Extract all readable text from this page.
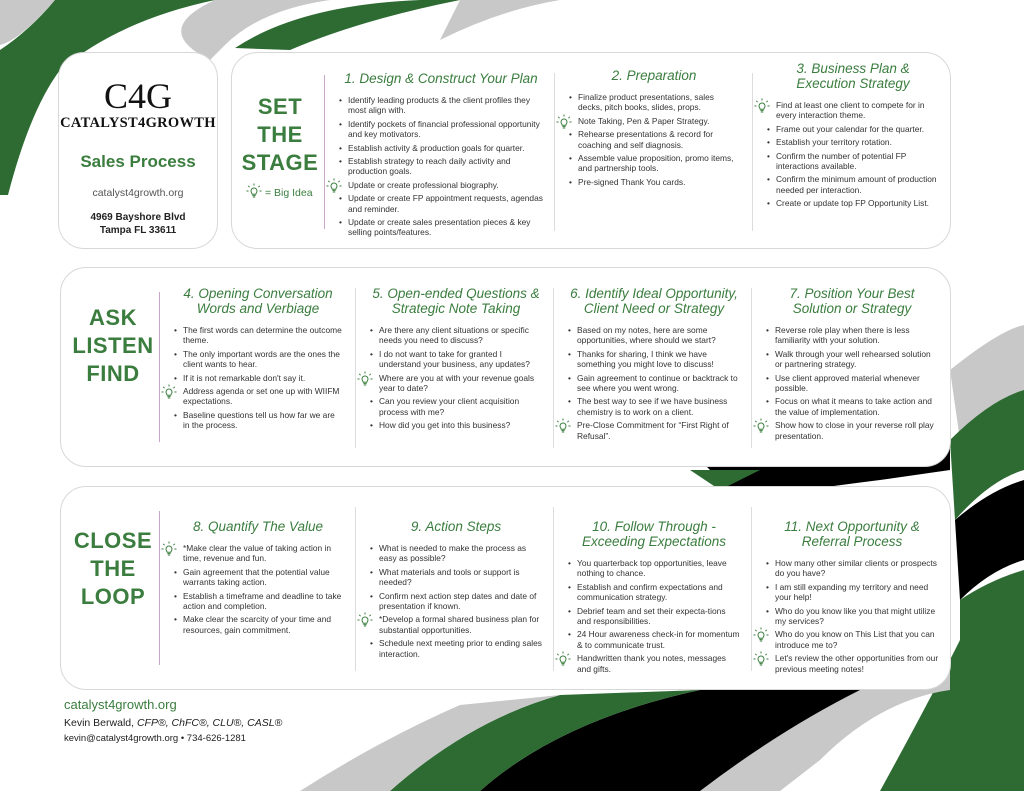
C4G
CATALYST4GROWTH
Sales Process
catalyst4growth.org
4969 Bayshore Blvd
Tampa FL 33611
SET
THE
STAGE
= Big Idea
1. Design & Construct Your Plan
• Identify leading products & the client profiles they most align with.
• Identify pockets of financial professional opportunity and key motivators.
• Establish activity & production goals for quarter.
• Establish strategy to reach daily activity and production goals.
Update or create professional biography.
• Update or create FP appointment requests, agendas and reminder.
• Update or create sales presentation pieces & key selling points/features.
2. Preparation
• Finalize product presentations, sales decks, pitch books, slides, props.
Note Taking, Pen & Paper Strategy.
• Rehearse presentations & record for coaching and self diagnosis.
• Assemble value proposition, promo items, and partnership tools.
• Pre-signed Thank You cards.
3. Business Plan & Execution Strategy
Find at least one client to compete for in every interaction theme.
• Frame out your calendar for the quarter.
• Establish your territory rotation.
• Confirm the number of potential FP interactions available.
• Confirm the minimum amount of production needed per interaction.
• Create or update top FP Opportunity List.
ASK
LISTEN
FIND
4. Opening Conversation Words and Verbiage
• The first words can determine the outcome theme.
• The only important words are the ones the client wants to hear.
• If it is not remarkable don't say it.
Address agenda or set one up with WIIFM expectations.
• Baseline questions tell us how far we are in the process.
5. Open-ended Questions & Strategic Note Taking
• Are there any client situations or specific needs you need to discuss?
• I do not want to take for granted I understand your business, any updates?
Where are you at with your revenue goals year to date?
• Can you review your client acquisition process with me?
• How did you get into this business?
6. Identify Ideal Opportunity, Client Need or Strategy
• Based on my notes, here are some opportunities, where should we start?
• Thanks for sharing, I think we have something you might love to discuss!
• Gain agreement to continue or backtrack to see where you went wrong.
• The best way to see if we have business chemistry is to work on a client.
Pre-Close Commitment for “First Right of Refusal”.
7. Position Your Best Solution or Strategy
• Reverse role play when there is less familiarity with your solution.
• Walk through your well rehearsed solution or partnering strategy.
• Use client approved material whenever possible.
• Focus on what it means to take action and the value of implementation.
Show how to close in your reverse roll play presentation.
CLOSE
THE
LOOP
8. Quantify The Value
*Make clear the value of taking action in time, revenue and fun.
• Gain agreement that the potential value warrants taking action.
• Establish a timeframe and deadline to take action and completion.
• Make clear the scarcity of your time and resources, gain commitment.
9. Action Steps
• What is needed to make the process as easy as possible?
• What materials and tools or support is needed?
• Confirm next action step dates and date of presentation if known.
*Develop a formal shared business plan for substantial opportunities.
• Schedule next meeting prior to ending sales interaction.
10. Follow Through - Exceeding Expectations
• You quarterback top opportunities, leave nothing to chance.
• Establish and confirm expectations and communication strategy.
• Debrief team and set their expecta-tions and responsibilities.
• 24 Hour awareness check-in for momentum & to communicate trust.
Handwritten thank you notes, messages and gifts.
11. Next Opportunity & Referral Process
• How many other similar clients or prospects do you have?
• I am still expanding my territory and need your help!
• Who do you know like you that might utilize my services?
Who do you know on This List that you can introduce me to?
Let's review the other opportunities from our previous meeting notes!
catalyst4growth.org
Kevin Berwald, CFP®, ChFC®, CLU®, CASL®
kevin@catalyst4growth.org • 734-626-1281
